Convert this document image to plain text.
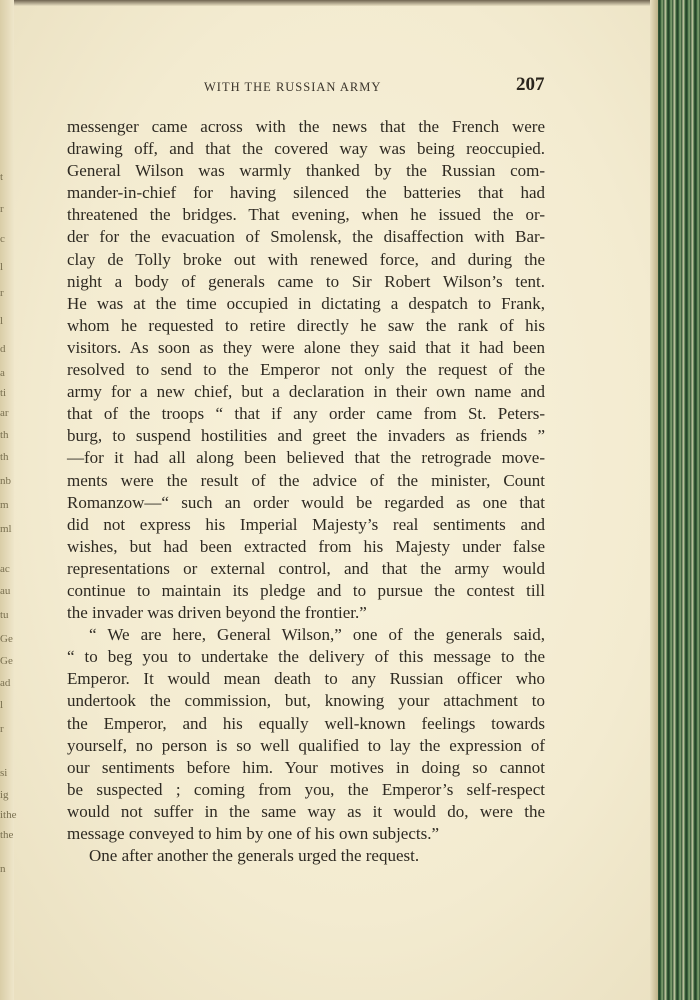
t
r
c
l
r
l
d
a
ti
ar
th
th
nb
m
ml
ac
au
tu
Ge
Ge
ad
l
r
si
ig
ithe
the
n
WITH THE RUSSIAN ARMY	207
messenger came across with the news that the French were
drawing off, and that the covered way was being reoccupied.
General Wilson was warmly thanked by the Russian com-
mander-in-chief for having silenced the batteries that had
threatened the bridges. That evening, when he issued the or-
der for the evacuation of Smolensk, the disaffection with Bar-
clay de Tolly broke out with renewed force, and during the
night a body of generals came to Sir Robert Wilson’s tent.
He was at the time occupied in dictating a despatch to Frank,
whom he requested to retire directly he saw the rank of his
visitors. As soon as they were alone they said that it had been
resolved to send to the Emperor not only the request of the
army for a new chief, but a declaration in their own name and
that of the troops “ that if any order came from St. Peters-
burg, to suspend hostilities and greet the invaders as friends ”
—for it had all along been believed that the retrograde move-
ments were the result of the advice of the minister, Count
Romanzow—“ such an order would be regarded as one that
did not express his Imperial Majesty’s real sentiments and
wishes, but had been extracted from his Majesty under false
representations or external control, and that the army would
continue to maintain its pledge and to pursue the contest till
the invader was driven beyond the frontier.”
“ We are here, General Wilson,” one of the generals said,
“ to beg you to undertake the delivery of this message to the
Emperor. It would mean death to any Russian officer who
undertook the commission, but, knowing your attachment to
the Emperor, and his equally well-known feelings towards
yourself, no person is so well qualified to lay the expression of
our sentiments before him. Your motives in doing so cannot
be suspected ; coming from you, the Emperor’s self-respect
would not suffer in the same way as it would do, were the
message conveyed to him by one of his own subjects.”
One after another the generals urged the request.
